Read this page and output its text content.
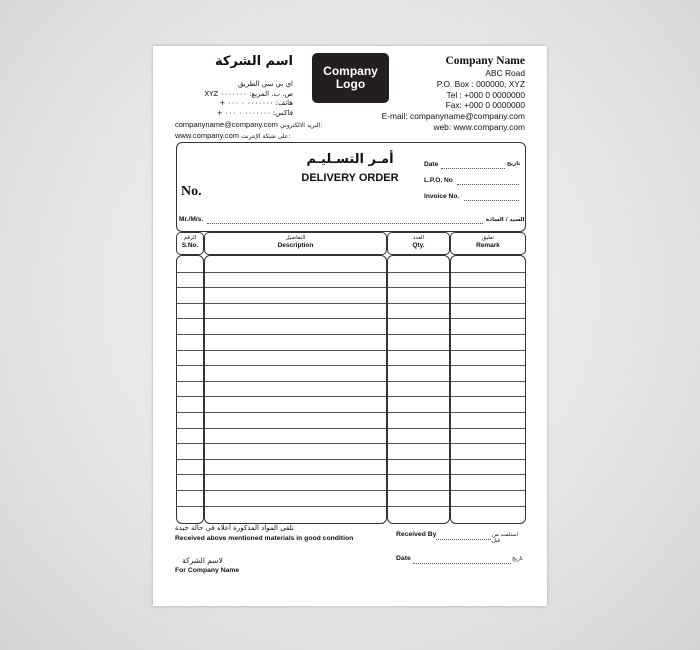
اسم الشركة
اي بي سي الطريق
ص. ب. المربع: ٠٠٠٠٠٠٠ XYZ
هاتف: ٠٠٠٠٠٠٠ ٠ ٠٠٠ +
فاكس: ٠٠٠٠٠٠٠ ٠ ٠٠٠ +
companyname@company.com البريد الالكتروني:
www.company.com على شبكة الإنترنت:
Company
Logo
Company Name
ABC Road
P.O. Box : 000000, XYZ
Tel : +000 0 0000000
Fax: +000 0 0000000
E-mail: companyname@company.com
web: www.company.com
أمـر التسـليـم
DELIVERY ORDER
No.
Date	تاريخ
L.P.O. No
Invoice No.
Mr./M/s.	السيد / السادة
الرقم
S.No.
التفاصيل
Description
العدد
Qty.
تعليق
Remark
تلقى المواد المذكورة أعلاه في حالة جيدة
Received above mentioned materials in good condition
Received By	استلمت من قبل
لاسم الشركة
For Company Name
Date	تاريخ
